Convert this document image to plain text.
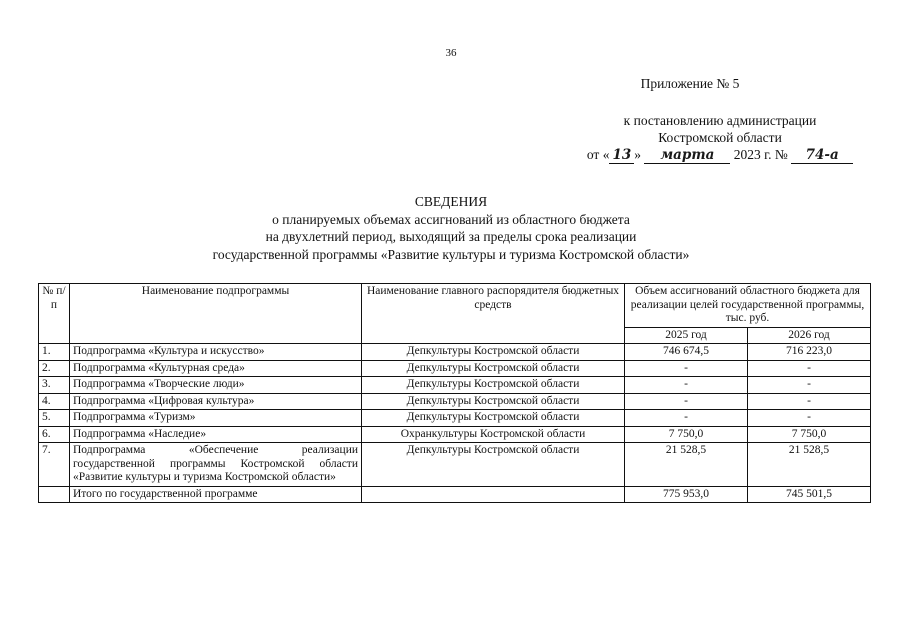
36
Приложение № 5
к постановлению администрации
Костромской области
от « 13 » марта 2023 г. № 74-а
СВЕДЕНИЯ
о планируемых объемах ассигнований из областного бюджета
на двухлетний период, выходящий за пределы срока реализации
государственной программы «Развитие культуры и туризма Костромской области»
№ п/п	Наименование подпрограммы	Наименование главного распорядителя бюджетных средств	Объем ассигнований областного бюджета для реализации целей государственной программы, тыс. руб.	
			2025 год	2026 год
1.	Подпрограмма «Культура и искусство»	Депкультуры Костромской области	746 674,5	716 223,0
2.	Подпрограмма «Культурная среда»	Депкультуры Костромской области	-	-
3.	Подпрограмма «Творческие люди»	Депкультуры Костромской области	-	-
4.	Подпрограмма «Цифровая культура»	Депкультуры Костромской области	-	-
5.	Подпрограмма «Туризм»	Депкультуры Костромской области	-	-
6.	Подпрограмма «Наследие»	Охранкультуры Костромской области	7 750,0	7 750,0
7.	Подпрограмма «Обеспечение реализации государственной программы Костромской области «Развитие культуры и туризма Костромской области»	Депкультуры Костромской области	21 528,5	21 528,5
	Итого по государственной программе		775 953,0	745 501,5
